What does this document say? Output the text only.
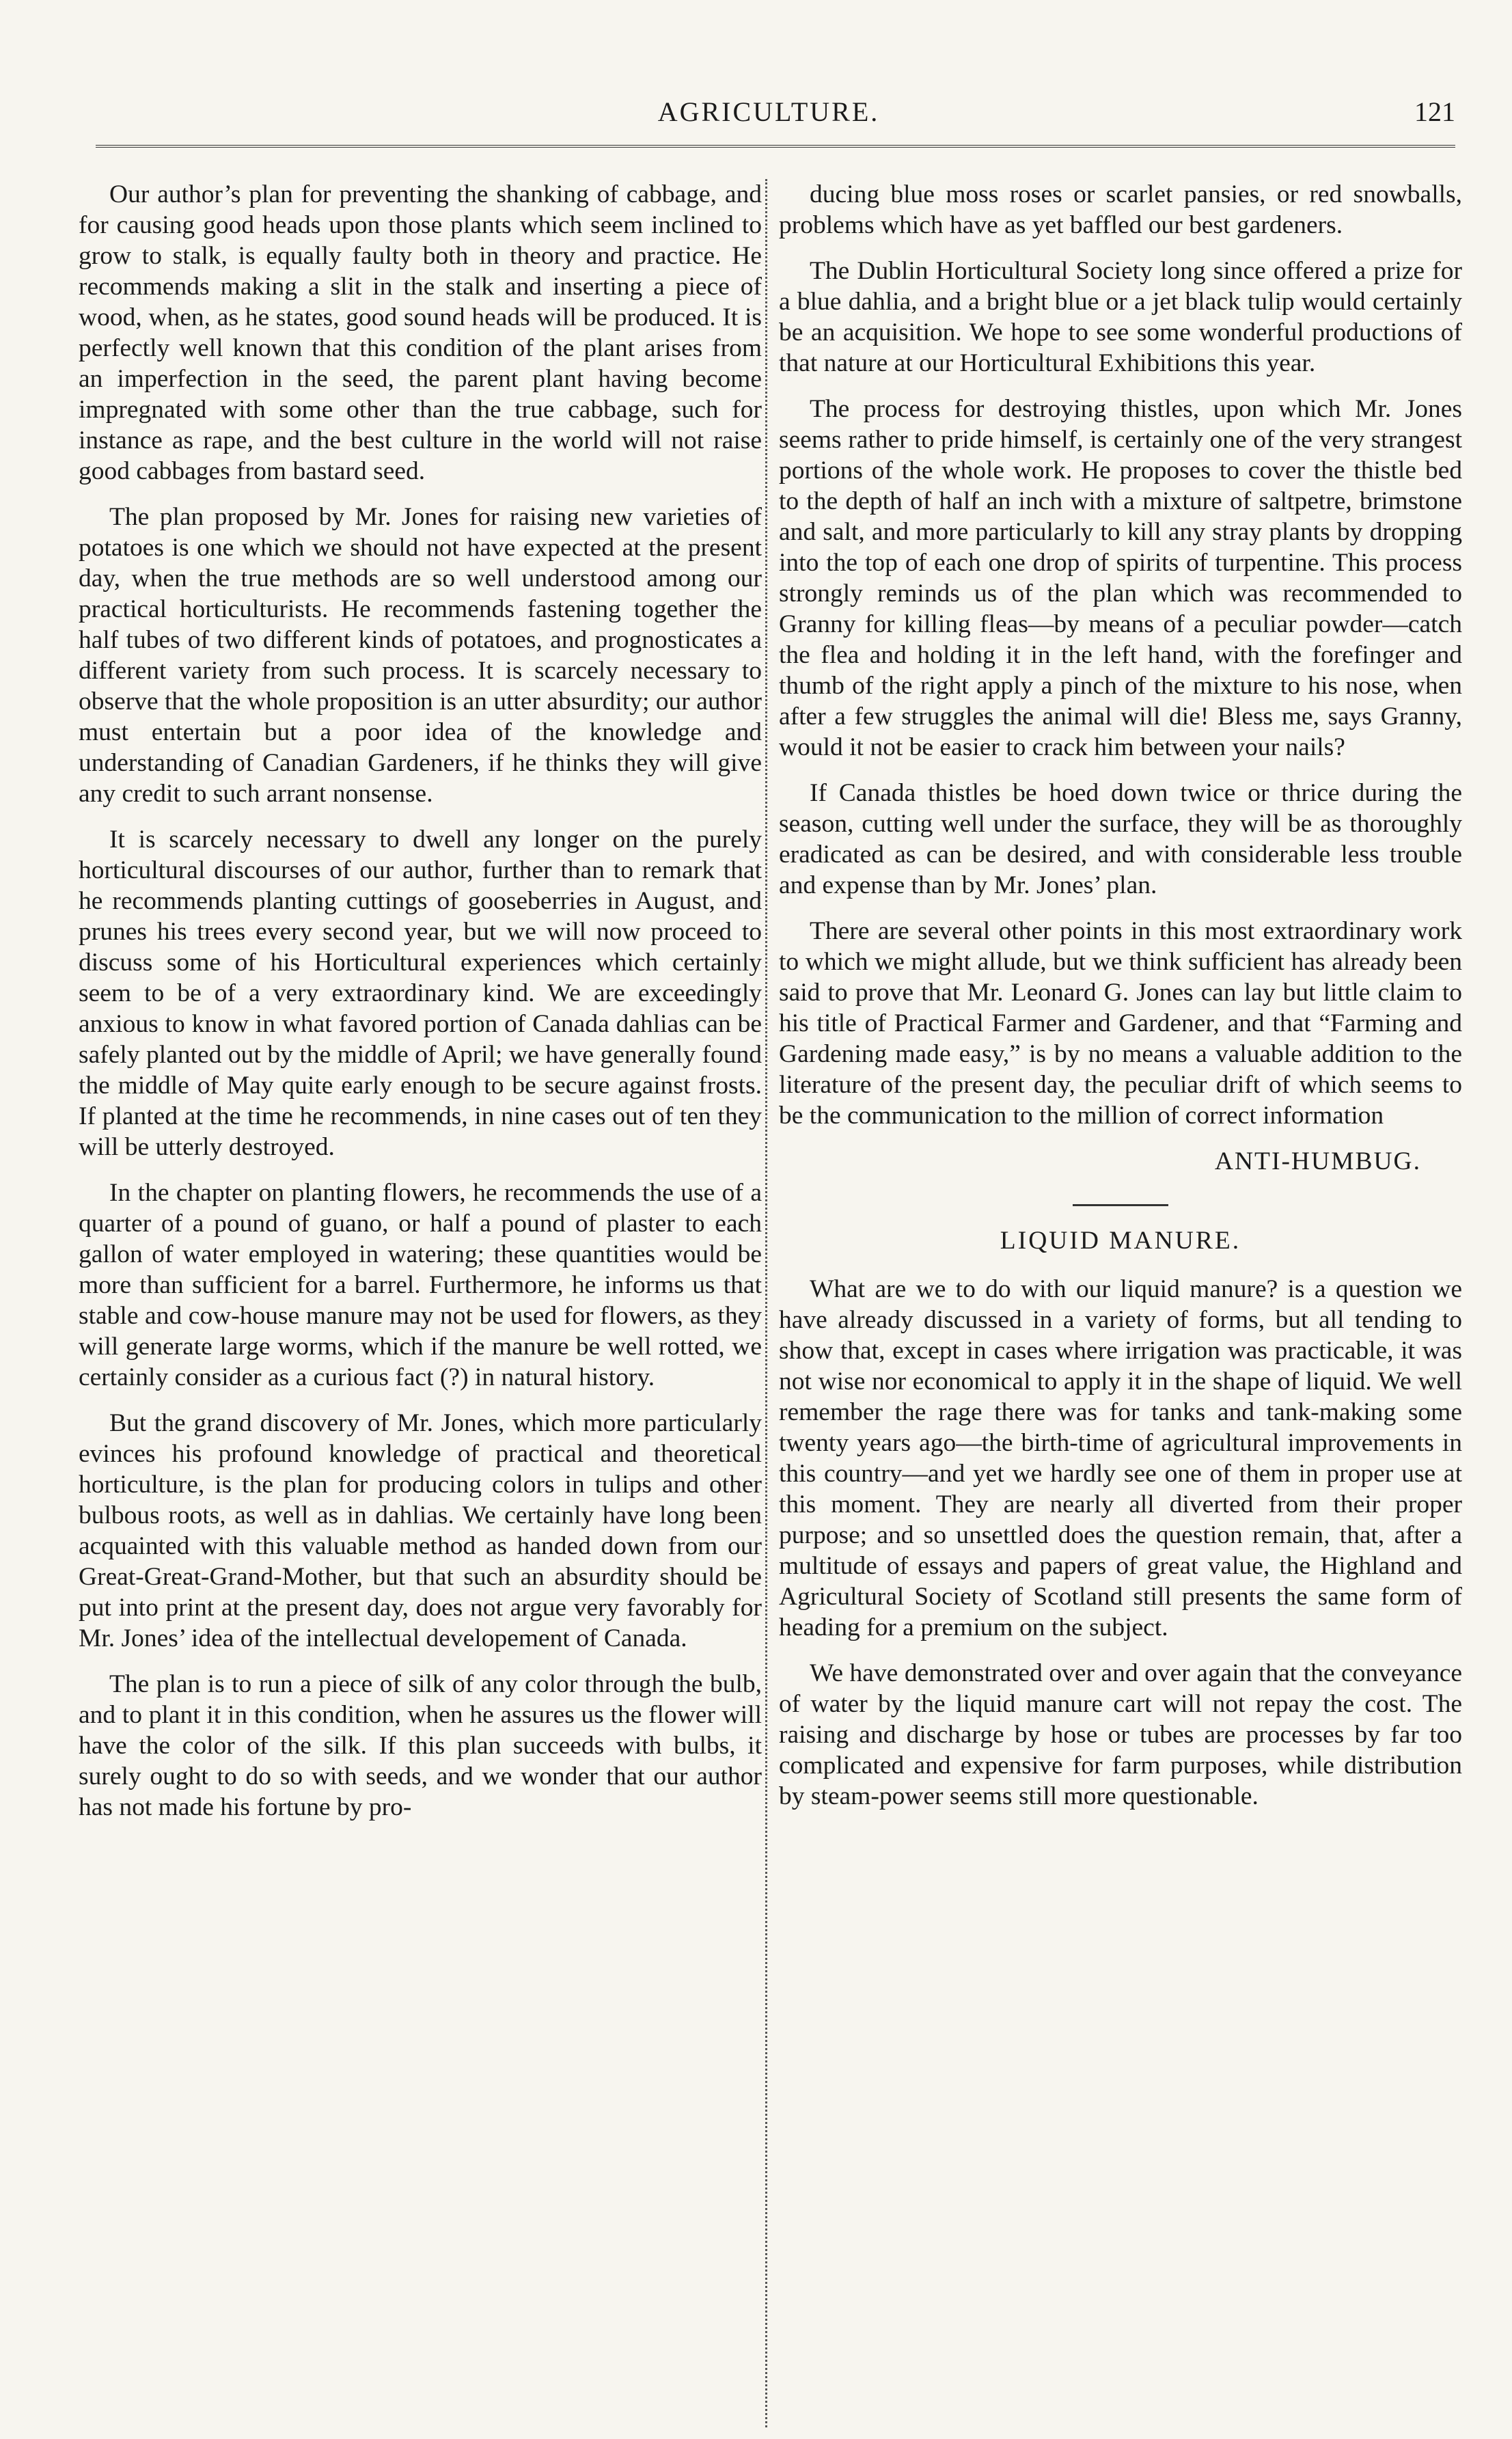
AGRICULTURE.	121

Our author’s plan for preventing the shanking of cabbage, and for causing good heads upon those plants which seem inclined to grow to stalk, is equally faulty both in theory and practice. He recommends making a slit in the stalk and inserting a piece of wood, when, as he states, good sound heads will be produced. It is perfectly well known that this condition of the plant arises from an imperfection in the seed, the parent plant having become impregnated with some other than the true cabbage, such for instance as rape, and the best culture in the world will not raise good cabbages from bastard seed.

The plan proposed by Mr. Jones for raising new varieties of potatoes is one which we should not have expected at the present day, when the true methods are so well understood among our practical horticulturists. He recommends fastening together the half tubes of two different kinds of potatoes, and prognosticates a different variety from such process. It is scarcely necessary to observe that the whole proposition is an utter absurdity; our author must entertain but a poor idea of the knowledge and understanding of Canadian Gardeners, if he thinks they will give any credit to such arrant nonsense.

It is scarcely necessary to dwell any longer on the purely horticultural discourses of our author, further than to remark that he recommends planting cuttings of gooseberries in August, and prunes his trees every second year, but we will now proceed to discuss some of his Horticultural experiences which certainly seem to be of a very extraordinary kind. We are exceedingly anxious to know in what favored portion of Canada dahlias can be safely planted out by the middle of April; we have generally found the middle of May quite early enough to be secure against frosts. If planted at the time he recommends, in nine cases out of ten they will be utterly destroyed.

In the chapter on planting flowers, he recommends the use of a quarter of a pound of guano, or half a pound of plaster to each gallon of water employed in watering; these quantities would be more than sufficient for a barrel. Furthermore, he informs us that stable and cow-house manure may not be used for flowers, as they will generate large worms, which if the manure be well rotted, we certainly consider as a curious fact (?) in natural history.

But the grand discovery of Mr. Jones, which more particularly evinces his profound knowledge of practical and theoretical horticulture, is the plan for producing colors in tulips and other bulbous roots, as well as in dahlias. We certainly have long been acquainted with this valuable method as handed down from our Great-Great-Grand-Mother, but that such an absurdity should be put into print at the present day, does not argue very favorably for Mr. Jones’ idea of the intellectual developement of Canada.

The plan is to run a piece of silk of any color through the bulb, and to plant it in this condition, when he assures us the flower will have the color of the silk. If this plan succeeds with bulbs, it surely ought to do so with seeds, and we wonder that our author has not made his fortune by pro-

ducing blue moss roses or scarlet pansies, or red snowballs, problems which have as yet baffled our best gardeners.

The Dublin Horticultural Society long since offered a prize for a blue dahlia, and a bright blue or a jet black tulip would certainly be an acquisition. We hope to see some wonderful productions of that nature at our Horticultural Exhibitions this year.

The process for destroying thistles, upon which Mr. Jones seems rather to pride himself, is certainly one of the very strangest portions of the whole work. He proposes to cover the thistle bed to the depth of half an inch with a mixture of saltpetre, brimstone and salt, and more particularly to kill any stray plants by dropping into the top of each one drop of spirits of turpentine. This process strongly reminds us of the plan which was recommended to Granny for killing fleas—by means of a peculiar powder—catch the flea and holding it in the left hand, with the forefinger and thumb of the right apply a pinch of the mixture to his nose, when after a few struggles the animal will die! Bless me, says Granny, would it not be easier to crack him between your nails?

If Canada thistles be hoed down twice or thrice during the season, cutting well under the surface, they will be as thoroughly eradicated as can be desired, and with considerable less trouble and expense than by Mr. Jones’ plan.

There are several other points in this most extraordinary work to which we might allude, but we think sufficient has already been said to prove that Mr. Leonard G. Jones can lay but little claim to his title of Practical Farmer and Gardener, and that “Farming and Gardening made easy,” is by no means a valuable addition to the literature of the present day, the peculiar drift of which seems to be the communication to the million of correct information

ANTI-HUMBUG.

LIQUID MANURE.

What are we to do with our liquid manure? is a question we have already discussed in a variety of forms, but all tending to show that, except in cases where irrigation was practicable, it was not wise nor economical to apply it in the shape of liquid. We well remember the rage there was for tanks and tank-making some twenty years ago—the birth-time of agricultural improvements in this country—and yet we hardly see one of them in proper use at this moment. They are nearly all diverted from their proper purpose; and so unsettled does the question remain, that, after a multitude of essays and papers of great value, the Highland and Agricultural Society of Scotland still presents the same form of heading for a premium on the subject.

We have demonstrated over and over again that the conveyance of water by the liquid manure cart will not repay the cost. The raising and discharge by hose or tubes are processes by far too complicated and expensive for farm purposes, while distribution by steam-power seems still more questionable.
